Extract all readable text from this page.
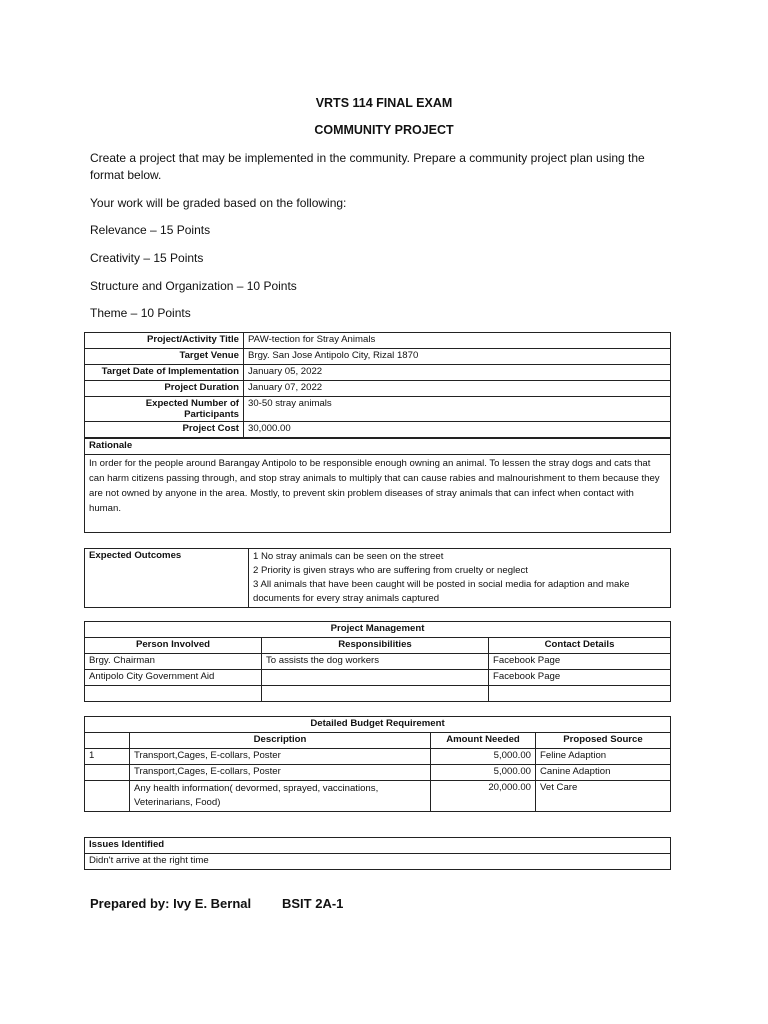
VRTS 114 FINAL EXAM
COMMUNITY PROJECT
Create a project that may be implemented in the community. Prepare a community project plan using the format below.
Your work will be graded based on the following:
Relevance – 15 Points
Creativity – 15 Points
Structure and Organization – 10 Points
Theme – 10 Points
Project/Activity Title	PAW-tection for Stray Animals
Target Venue	Brgy. San Jose Antipolo City, Rizal 1870
Target Date of Implementation	January 05, 2022
Project Duration	January 07, 2022
Expected Number of Participants	30-50 stray animals
Project Cost	30,000.00
Rationale
In order for the people around Barangay Antipolo to be responsible enough owning an animal. To lessen the stray dogs and cats that can harm citizens passing through, and stop stray animals to multiply that can cause rabies and malnourishment to them because they are not owned by anyone in the area. Mostly, to prevent skin problem diseases of stray animals that can infect when contact with human.
Expected Outcomes	1 No stray animals can be seen on the street
2 Priority is given strays who are suffering from cruelty or neglect
3 All animals that have been caught will be posted in social media for adaption and make documents for every stray animals captured
Project Management		
Person Involved	Responsibilities	Contact Details
Brgy. Chairman	To assists the dog workers	Facebook Page
Antipolo City Government Aid		Facebook Page

Detailed Budget Requirement			
	Description	Amount Needed	Proposed Source
1	Transport,Cages, E-collars, Poster	5,000.00	Feline Adaption
	Transport,Cages, E-collars, Poster	5,000.00	Canine Adaption
	Any health information( devormed, sprayed, vaccinations, Veterinarians, Food)	20,000.00	Vet Care
Issues Identified
Didn't arrive at the right time
Prepared by: Ivy E. Bernal BSIT 2A-1
